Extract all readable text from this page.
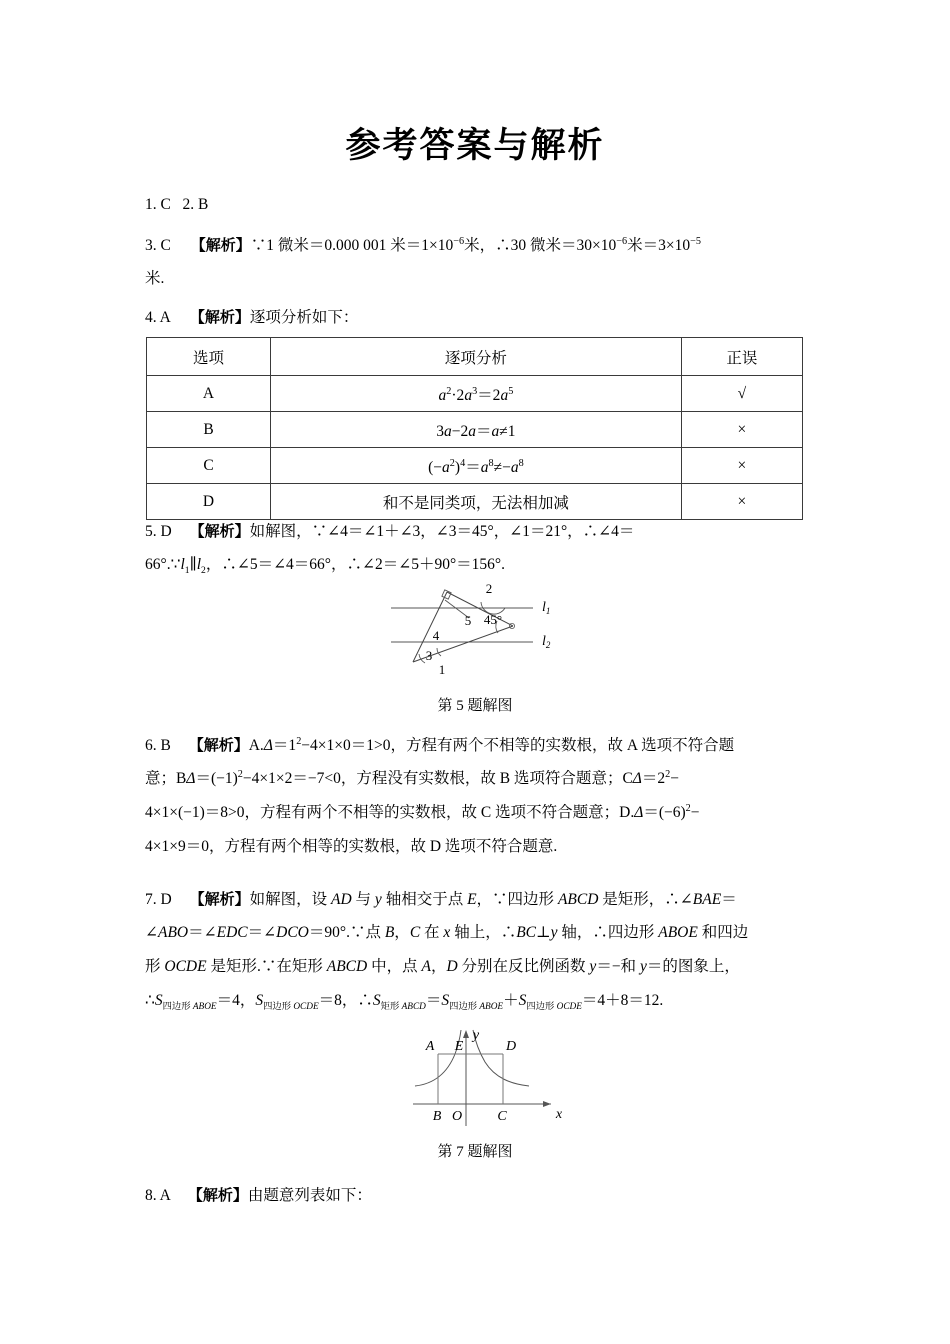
参考答案与解析
1. C   2. B
3. C 【解析】∵1 微米＝0.000 001 米$=1\times 10^{-6}$米，∴30 微米$=30\times 10^{-6}$米$=3\times 10^{-5}$
米.
4. A 【解析】逐项分析如下：
选项	逐项分析	正误
A	$a^2\cdot 2a^3=2a^5$	√
B	3a−2a＝a≠1	×
C	$(-a^2)^4=a^8\ne-a^8$	×
D	和不是同类项，无法相加减	×
5. D 【解析】如解图，∵∠4＝∠1＋∠3，∠3＝45°，∠1＝21°，∴∠4＝
$66^\circ.\because l_1\parallel l_2$，∴∠5＝∠4＝66°，∴∠2＝∠5＋90°＝156°.
2
5 45°
4
3
1
$l_1$
$l_2$
第 5 题解图
6. B 【解析】$A.\Delta=1^2-4\times 1\times 0=1>0$，方程有两个不相等的实数根，故 A 选项不符合题
意；$B\Delta=(-1)^2-4\times 1\times 2=-7<0$，方程没有实数根，故 B 选项符合题意；$C\Delta=2^2-$
4×1×(−1)＝8>0，方程有两个不相等的实数根，故 C 选项不符合题意；$D.\Delta=(-6)^2-$
4×1×9＝0，方程有两个相等的实数根，故 D 选项不符合题意.
7. D 【解析】如解图，设 AD 与 y 轴相交于点 E，∵四边形 ABCD 是矩形，∴∠BAE＝
∠ABO＝∠EDC＝∠DCO＝90°.∵点 B，C 在 x 轴上，∴BC⊥y 轴，∴四边形 ABOE 和四边
形 OCDE 是矩形.∵在矩形 ABCD 中，点 A，D 分别在反比例函数 y＝−和 y＝的图象上，
$\therefore S_{四边形 ABOE}=4$，$S_{四边形 OCDE}=8$，$\therefore S_{矩形 ABCD}=S_{四边形 ABOE}+S_{四边形 OCDE}=4+8=12$.
A E	D
B O	C	x
y
第 7 题解图
8. A 【解析】由题意列表如下：
